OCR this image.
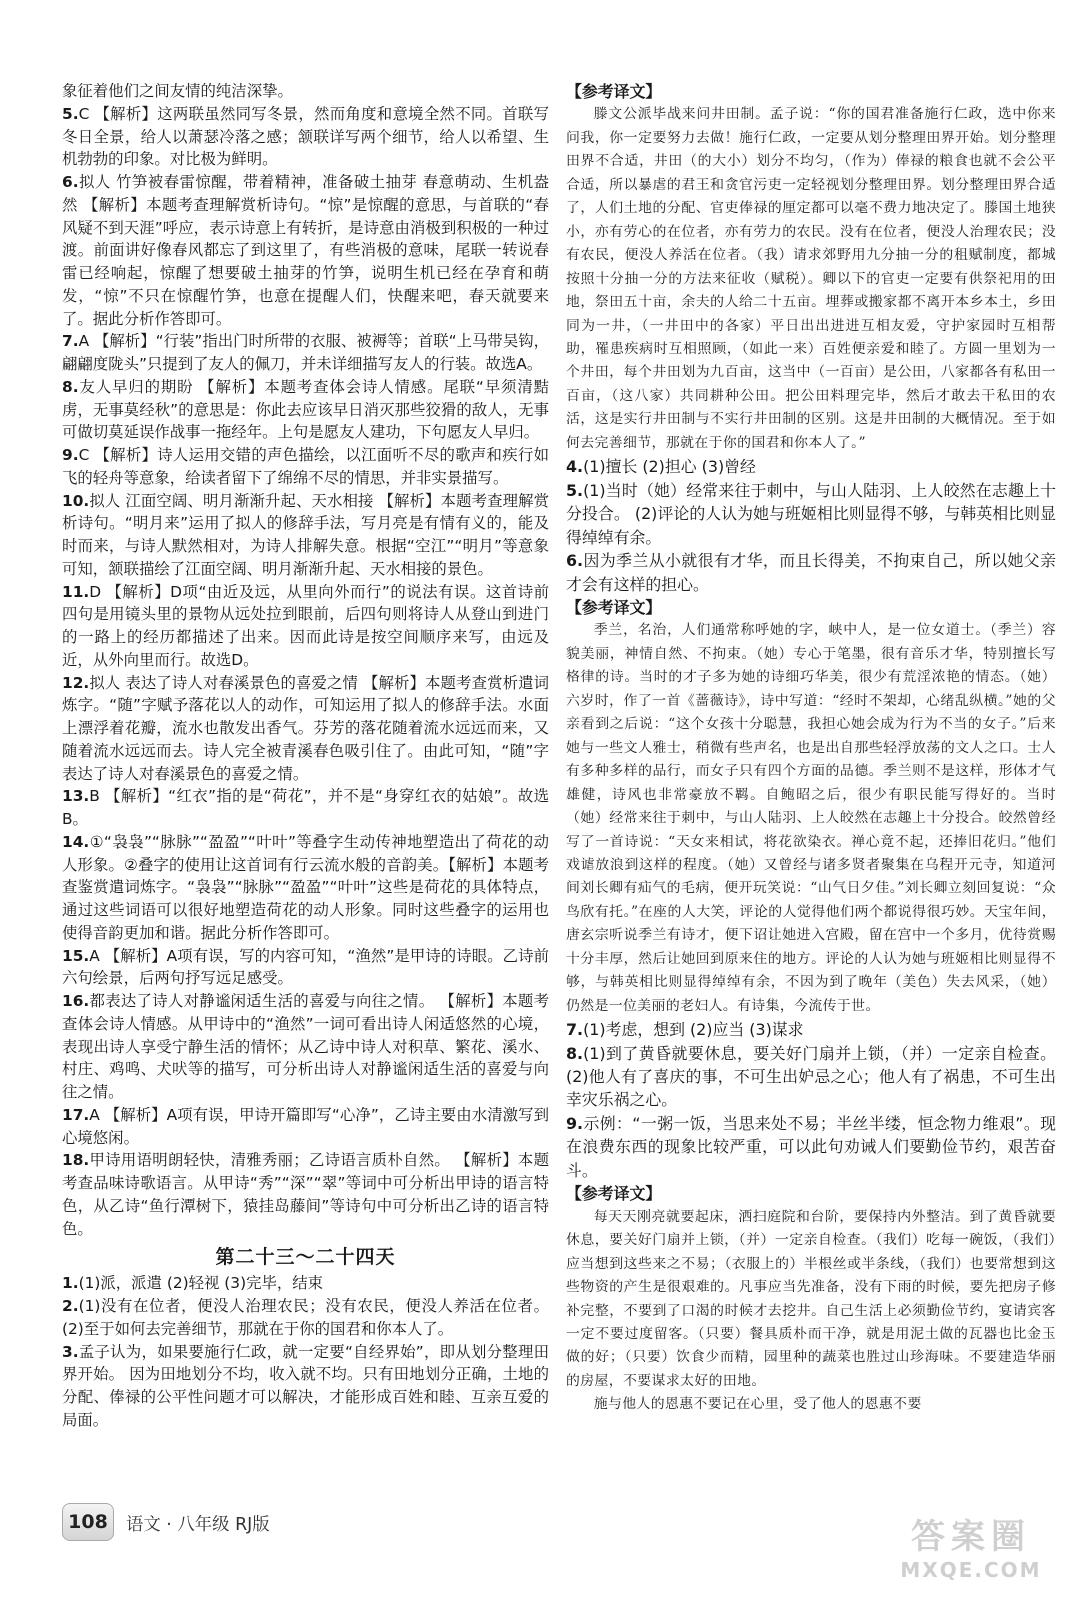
象征着他们之间友情的纯洁深挚。

5.C 【解析】这两联虽然同写冬景，然而角度和意境全然不同。首联写冬日全景，给人以萧瑟冷落之感；颔联详写两个细节，给人以希望、生机勃勃的印象。对比极为鲜明。

6.拟人 竹笋被春雷惊醒，带着精神，准备破土抽芽 春意萌动、生机盎然 【解析】本题考查理解赏析诗句。“惊”是惊醒的意思，与首联的“春风疑不到天涯”呼应，表示诗意上有转折，是诗意由消极到积极的一种过渡。前面讲好像春风都忘了到这里了，有些消极的意味，尾联一转说春雷已经响起，惊醒了想要破土抽芽的竹笋，说明生机已经在孕育和萌发，“惊”不只在惊醒竹笋，也意在提醒人们，快醒来吧，春天就要来了。据此分析作答即可。

7.A 【解析】“行装”指出门时所带的衣服、被褥等；首联“上马带吴钩，翩翩度陇头”只提到了友人的佩刀，并未详细描写友人的行装。故选A。

8.友人早归的期盼 【解析】本题考查体会诗人情感。尾联“早须清黠虏，无事莫经秋”的意思是：你此去应该早日消灭那些狡猾的敌人，无事可做切莫延误作战事一拖经年。上句是愿友人建功，下句愿友人早归。

9.C 【解析】诗人运用交错的声色描绘，以江面听不尽的歌声和疾行如飞的轻舟等意象，给读者留下了绵绵不尽的情思，并非实景描写。

10.拟人 江面空阔、明月渐渐升起、天水相接 【解析】本题考查理解赏析诗句。“明月来”运用了拟人的修辞手法，写月亮是有情有义的，能及时而来，与诗人默然相对，为诗人排解失意。根据“空江”“明月”等意象可知，颔联描绘了江面空阔、明月渐渐升起、天水相接的景色。

11.D 【解析】D项“由近及远，从里向外而行”的说法有误。这首诗前四句是用镜头里的景物从远处拉到眼前，后四句则将诗人从登山到进门的一路上的经历都描述了出来。因而此诗是按空间顺序来写，由远及近，从外向里而行。故选D。

12.拟人 表达了诗人对春溪景色的喜爱之情 【解析】本题考查赏析遣词炼字。“随”字赋予落花以人的动作，可知运用了拟人的修辞手法。水面上漂浮着花瓣，流水也散发出香气。芬芳的落花随着流水远远而来，又随着流水远远而去。诗人完全被青溪春色吸引住了。由此可知，“随”字表达了诗人对春溪景色的喜爱之情。

13.B 【解析】“红衣”指的是“荷花”，并不是“身穿红衣的姑娘”。故选B。

14.①“袅袅”“脉脉”“盈盈”“叶叶”等叠字生动传神地塑造出了荷花的动人形象。②叠字的使用让这首词有行云流水般的音韵美。【解析】本题考查鉴赏遣词炼字。“袅袅”“脉脉”“盈盈”“叶叶”这些是荷花的具体特点，通过这些词语可以很好地塑造荷花的动人形象。同时这些叠字的运用也使得音韵更加和谐。据此分析作答即可。

15.A 【解析】A项有误，写的内容可知，“渔然”是甲诗的诗眼。乙诗前六句绘景，后两句抒写远足感受。

16.都表达了诗人对静谧闲适生活的喜爱与向往之情。 【解析】本题考查体会诗人情感。从甲诗中的“渔然”一词可看出诗人闲适悠然的心境，表现出诗人享受宁静生活的情怀；从乙诗中诗人对积草、繁花、溪水、村庄、鸡鸣、犬吠等的描写，可分析出诗人对静谧闲适生活的喜爱与向往之情。

17.A 【解析】A项有误，甲诗开篇即写“心净”，乙诗主要由水清激写到心境悠闲。

18.甲诗用语明朗轻快，清雅秀丽；乙诗语言质朴自然。 【解析】本题考查品味诗歌语言。从甲诗“秀”“深”“翠”等词中可分析出甲诗的语言特色，从乙诗“鱼行潭树下，猿挂岛藤间”等诗句中可分析出乙诗的语言特色。

第二十三～二十四天

1.(1)派，派遣 (2)轻视 (3)完毕，结束

2.(1)没有在位者，便没人治理农民；没有农民，便没人养活在位者。 (2)至于如何去完善细节，那就在于你的国君和你本人了。

3.孟子认为，如果要施行仁政，就一定要“自经界始”，即从划分整理田界开始。 因为田地划分不均，收入就不均。只有田地划分正确，土地的分配、俸禄的公平性问题才可以解决，才能形成百姓和睦、互亲互爱的局面。

【参考译文】

滕文公派毕战来问井田制。孟子说：“你的国君准备施行仁政，选中你来问我，你一定要努力去做！施行仁政，一定要从划分整理田界开始。划分整理田界不合适，井田（的大小）划分不均匀，（作为）俸禄的粮食也就不会公平合适，所以暴虐的君王和贪官污吏一定轻视划分整理田界。划分整理田界合适了，人们土地的分配、官吏俸禄的厘定都可以毫不费力地决定了。滕国土地狭小，亦有劳心的在位者，亦有劳力的农民。没有在位者，便没人治理农民；没有农民，便没人养活在位者。（我）请求郊野用九分抽一分的租赋制度，都城按照十分抽一分的方法来征收（赋税）。卿以下的官吏一定要有供祭祀用的田地，祭田五十亩，余夫的人给二十五亩。埋葬或搬家都不离开本乡本土，乡田同为一井，（一井田中的各家）平日出出进进互相友爱，守护家园时互相帮助，罹患疾病时互相照顾，（如此一来）百姓便亲爱和睦了。方圆一里划为一个井田，每个井田划为九百亩，这当中（一百亩）是公田，八家都各有私田一百亩，（这八家）共同耕种公田。把公田料理完毕，然后才敢去干私田的农活，这是实行井田制与不实行井田制的区别。这是井田制的大概情况。至于如何去完善细节，那就在于你的国君和你本人了。”

4.(1)擅长 (2)担心 (3)曾经

5.(1)当时（她）经常来往于刺中，与山人陆羽、上人皎然在志趣上十分投合。 (2)评论的人认为她与班姬相比则显得不够，与韩英相比则显得绰绰有余。

6.因为季兰从小就很有才华，而且长得美，不拘束自己，所以她父亲才会有这样的担心。

【参考译文】

季兰，名治，人们通常称呼她的字，峡中人，是一位女道士。（季兰）容貌美丽，神情自然、不拘束。（她）专心于笔墨，很有音乐才华，特别擅长写格律的诗。当时的才子多为她的诗细巧华美，很少有荒淫浓艳的情态。（她）六岁时，作了一首《蔷薇诗》，诗中写道：“经时不架却，心绪乱纵横。”她的父亲看到之后说：“这个女孩十分聪慧，我担心她会成为行为不当的女子。”后来她与一些文人雅士，稍微有些声名，也是出自那些轻浮放荡的文人之口。士人有多种多样的品行，而女子只有四个方面的品德。季兰则不是这样，形体才气雄健，诗风也非常豪放不羁。自鲍昭之后，很少有职民能写得好的。当时（她）经常来往于刺中，与山人陆羽、上人皎然在志趣上十分投合。皎然曾经写了一首诗说：“天女来相试，将花欲染衣。禅心竟不起，还捧旧花归。”他们戏谑放浪到这样的程度。（她）又曾经与诸多贤者聚集在乌程开元寺，知道河间刘长卿有疝气的毛病，便开玩笑说：“山气日夕佳。”刘长卿立刻回复说：“众鸟欣有托。”在座的人大笑，评论的人觉得他们两个都说得很巧妙。天宝年间，唐玄宗听说季兰有诗才，便下诏让她进入宫殿，留在宫中一个多月，优待赏赐十分丰厚，然后让她回到原来住的地方。评论的人认为她与班姬相比则显得不够，与韩英相比则显得绰绰有余，不因为到了晚年（美色）失去风采，（她）仍然是一位美丽的老妇人。有诗集，今流传于世。

7.(1)考虑，想到 (2)应当 (3)谋求

8.(1)到了黄昏就要休息，要关好门扇并上锁，（并）一定亲自检查。 (2)他人有了喜庆的事，不可生出妒忌之心；他人有了祸患，不可生出幸灾乐祸之心。

9.示例：“一粥一饭，当思来处不易；半丝半缕，恒念物力维艰”。现在浪费东西的现象比较严重，可以此句劝诫人们要勤俭节约，艰苦奋斗。

【参考译文】

每天天刚亮就要起床，洒扫庭院和台阶，要保持内外整洁。到了黄昏就要休息，要关好门扇并上锁，（并）一定亲自检查。（我们）吃每一碗饭，（我们）应当想到这些来之不易；（衣服上的）半根丝或半条线，（我们）也要常想到这些物资的产生是很艰难的。凡事应当先准备，没有下雨的时候，要先把房子修补完整，不要到了口渴的时候才去挖井。自己生活上必须勤俭节约，宴请宾客一定不要过度留客。（只要）餐具质朴而干净，就是用泥土做的瓦器也比金玉做的好；（只要）饮食少而精，园里种的蔬菜也胜过山珍海味。不要建造华丽的房屋，不要谋求太好的田地。

施与他人的恩惠不要记在心里，受了他人的恩惠不要

108	语文 · 八年级 RJ版	答案圈
MXQE.COM
